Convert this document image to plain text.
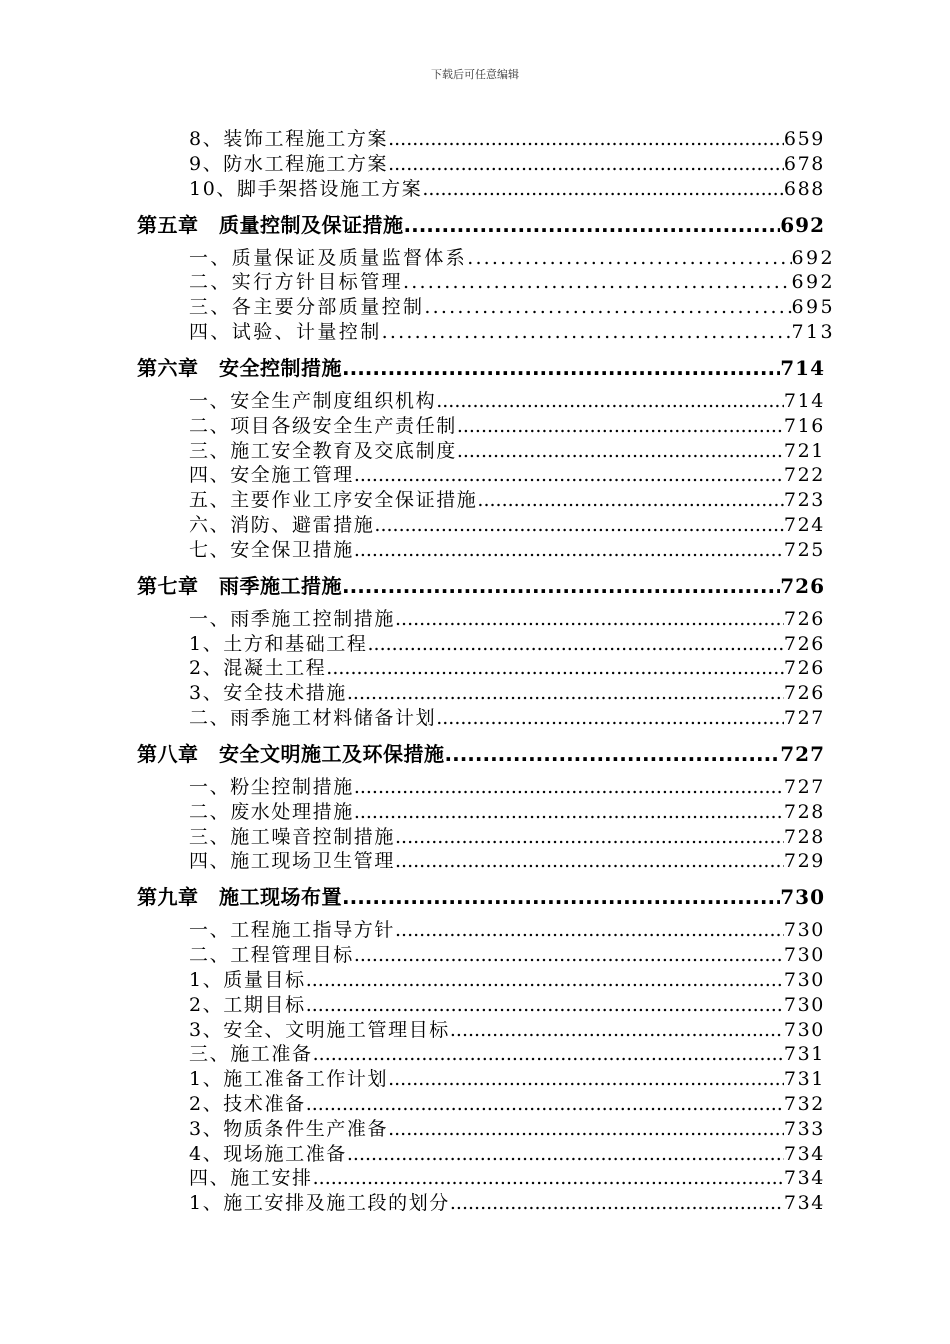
下载后可任意编辑
8、装饰工程施工方案 .....	659
9、防水工程施工方案 .....	678
10、脚手架搭设施工方案 .....	688
第五章　质量控制及保证措施 .....	692
一、质量保证及质量监督体系 .....	692
二、实行方针目标管理 .....	692
三、各主要分部质量控制 .....	695
四、试验、计量控制 .....	713
第六章　安全控制措施 .....	714
一、安全生产制度组织机构 .....	714
二、项目各级安全生产责任制 .....	716
三、施工安全教育及交底制度 .....	721
四、安全施工管理 .....	722
五、主要作业工序安全保证措施 .....	723
六、消防、避雷措施 .....	724
七、安全保卫措施 .....	725
第七章　雨季施工措施 .....	726
一、雨季施工控制措施 .....	726
1、土方和基础工程 .....	726
2、混凝土工程 .....	726
3、安全技术措施 .....	726
二、雨季施工材料储备计划 .....	727
第八章　安全文明施工及环保措施 .....	727
一、粉尘控制措施 .....	727
二、废水处理措施 .....	728
三、施工噪音控制措施 .....	728
四、施工现场卫生管理 .....	729
第九章　施工现场布置 .....	730
一、工程施工指导方针 .....	730
二、工程管理目标 .....	730
1、质量目标 .....	730
2、工期目标 .....	730
3、安全、文明施工管理目标 .....	730
三、施工准备 .....	731
1、施工准备工作计划 .....	731
2、技术准备 .....	732
3、物质条件生产准备 .....	733
4、现场施工准备 .....	734
四、施工安排 .....	734
1、施工安排及施工段的划分 .....	734
